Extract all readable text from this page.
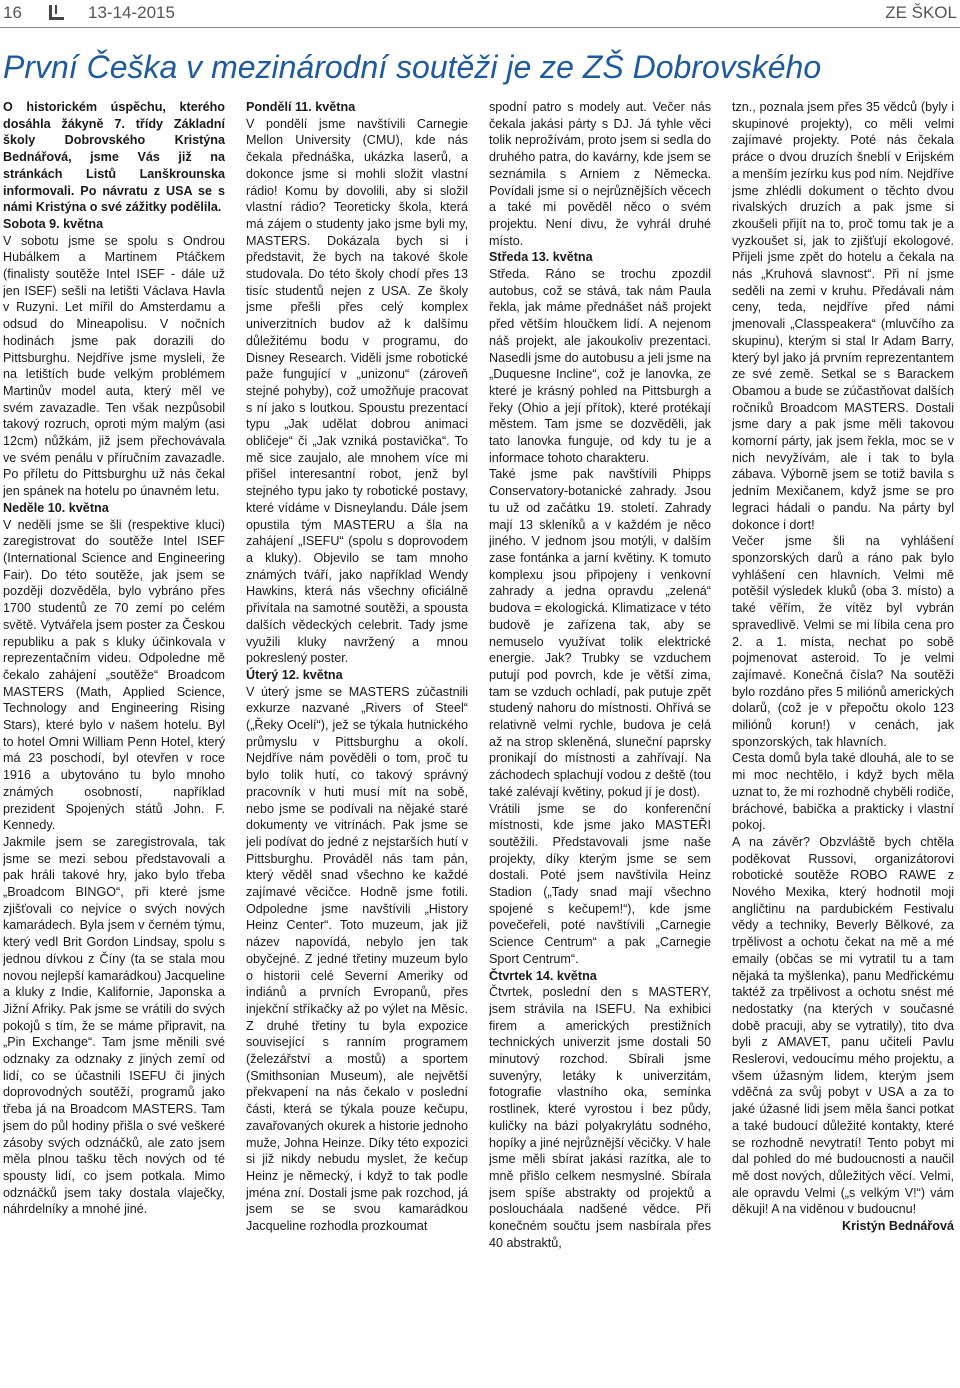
16	13-14-2015	ZE ŠKOL
První Češka v mezinárodní soutěži je ze ZŠ Dobrovského

O historickém úspěchu, kterého dosáhla žákyně 7. třídy Základní školy Dobrovského Kristýna Bednářová, jsme Vás již na stránkách Listů Lanškrounska informovali. Po návratu z USA se s námi Kristýna o své zážitky podělila.

Sobota 9. května

V sobotu jsme se spolu s Ondrou Hubálkem a Martinem Ptáčkem (finalisty soutěže Intel ISEF - dále už jen ISEF) sešli na letišti Václava Havla v Ruzyni. Let mířil do Amsterdamu a odsud do Mineapolisu. V nočních hodinách jsme pak dorazili do Pittsburghu. Nejdříve jsme mysleli, že na letištích bude velkým problémem Martinův model auta, který měl ve svém zavazadle. Ten však nezpůsobil takový rozruch, oproti mým malým (asi 12cm) nůžkám, již jsem přechovávala ve svém penálu v příručním zavazadle. Po příletu do Pittsburghu už nás čekal jen spánek na hotelu po únavném letu.

Neděle 10. května

V neděli jsme se šli (respektive kluci) zaregistrovat do soutěže Intel ISEF (International Science and Engineering Fair). Do této soutěže, jak jsem se později dozvěděla, bylo vybráno přes 1700 studentů ze 70 zemí po celém světě. Vytvářela jsem poster za Českou republiku a pak s kluky účinkovala v reprezentačním videu. Odpoledne mě čekalo zahájení „soutěže“ Broadcom MASTERS (Math, Applied Science, Technology and Engineering Rising Stars), které bylo v našem hotelu. Byl to hotel Omni William Penn Hotel, který má 23 poschodí, byl otevřen v roce 1916 a ubytováno tu bylo mnoho známých osobností, například prezident Spojených států John. F. Kennedy.

Jakmile jsem se zaregistrovala, tak jsme se mezi sebou představovali a pak hráli takové hry, jako bylo třeba „Broadcom BINGO“, při které jsme zjišťovali co nejvíce o svých nových kamarádech. Byla jsem v černém týmu, který vedl Brit Gordon Lindsay, spolu s jednou dívkou z Číny (ta se stala mou novou nejlepší kamarádkou) Jacqueline a kluky z Indie, Kalifornie, Japonska a Jižní Afriky. Pak jsme se vrátili do svých pokojů s tím, že se máme připravit, na „Pin Exchange“. Tam jsme měnili své odznaky za odznaky z jiných zemí od lidí, co se účastnili ISEFU či jiných doprovodných soutěží, programů jako třeba já na Broadcom MASTERS. Tam jsem do půl hodiny přišla o své veškeré zásoby svých odznáčků, ale zato jsem měla plnou tašku těch nových od té spousty lidí, co jsem potkala. Mimo odznáčků jsem taky dostala vlaječky, náhrdelníky a mnohé jiné.

Pondělí 11. května

V pondělí jsme navštívili Carnegie Mellon University (CMU), kde nás čekala přednáška, ukázka laserů, a dokonce jsme si mohli složit vlastní rádio! Komu by dovolili, aby si složil vlastní rádio? Teoreticky škola, která má zájem o studenty jako jsme byli my, MASTERS. Dokázala bych si i představit, že bych na takové škole studovala. Do této školy chodí přes 13 tisíc studentů nejen z USA. Ze školy jsme přešli přes celý komplex univerzitních budov až k dalšímu důležitému bodu v programu, do Disney Research. Viděli jsme robotické paže fungující v „unizonu“ (zároveň stejné pohyby), což umožňuje pracovat s ní jako s loutkou. Spoustu prezentací typu „Jak udělat dobrou animaci obličeje“ či „Jak vzniká postavička“. To mě sice zaujalo, ale mnohem více mi přišel interesantní robot, jenž byl stejného typu jako ty robotické postavy, které vídáme v Disneylandu. Dále jsem opustila tým MASTERU a šla na zahájení „ISEFU“ (spolu s doprovodem a kluky). Objevilo se tam mnoho známých tváří, jako například Wendy Hawkins, která nás všechny oficiálně přivítala na samotné soutěži, a spousta dalších vědeckých celebrit. Tady jsme využili kluky navržený a mnou pokreslený poster.

Úterý 12. května

V úterý jsme se MASTERS zúčastnili exkurze nazvané „Rivers of Steel“ („Řeky Ocelí“), jež se týkala hutnického průmyslu v Pittsburghu a okolí. Nejdříve nám pověděli o tom, proč tu bylo tolik hutí, co takový správný pracovník v huti musí mít na sobě, nebo jsme se podívali na nějaké staré dokumenty ve vitrínách. Pak jsme se jeli podívat do jedné z nejstarších hutí v Pittsburghu. Prováděl nás tam pán, který věděl snad všechno ke každé zajímavé věcičce. Hodně jsme fotili. Odpoledne jsme navštívili „History Heinz Center“. Toto muzeum, jak již název napovídá, nebylo jen tak obyčejné. Z jedné třetiny muzeum bylo o historii celé Severní Ameriky od indiánů a prvních Evropanů, přes injekční stříkačky až po výlet na Měsíc. Z druhé třetiny tu byla expozice související s ranním programem (železářství a mostů) a sportem (Smithsonian Museum), ale největší překvapení na nás čekalo v poslední části, která se týkala pouze kečupu, zavařovaných okurek a historie jednoho muže, Johna Heinze. Díky této expozici si již nikdy nebudu myslet, že kečup Heinz je německý, i když to tak podle jména zní. Dostali jsme pak rozchod, já jsem se se svou kamarádkou Jacqueline rozhodla prozkoumat

spodní patro s modely aut. Večer nás čekala jakási párty s DJ. Já tyhle věci tolik neprožívám, proto jsem si sedla do druhého patra, do kavárny, kde jsem se seznámila s Arniem z Německa. Povídali jsme si o nejrůznějších věcech a také mi pověděl něco o svém projektu. Není divu, že vyhrál druhé místo.

Středa 13. května

Středa. Ráno se trochu zpozdil autobus, což se stává, tak nám Paula řekla, jak máme přednášet náš projekt před větším hloučkem lidí. A nejenom náš projekt, ale jakoukoliv prezentaci. Nasedli jsme do autobusu a jeli jsme na „Duquesne Incline“, což je lanovka, ze které je krásný pohled na Pittsburgh a řeky (Ohio a její přítok), které protékají městem. Tam jsme se dozvěděli, jak tato lanovka funguje, od kdy tu je a informace tohoto charakteru.

Také jsme pak navštívili Phipps Conservatory-botanické zahrady. Jsou tu už od začátku 19. století. Zahrady mají 13 skleníků a v každém je něco jiného. V jednom jsou motýli, v dalším zase fontánka a jarní květiny. K tomuto komplexu jsou připojeny i venkovní zahrady a jedna opravdu „zelená“ budova = ekologická. Klimatizace v této budově je zařízena tak, aby se nemuselo využívat tolik elektrické energie. Jak? Trubky se vzduchem putují pod povrch, kde je větší zima, tam se vzduch ochladí, pak putuje zpět studený nahoru do místnosti. Ohřívá se relativně velmi rychle, budova je celá až na strop skleněná, sluneční paprsky pronikají do místnosti a zahřívají. Na záchodech splachují vodou z deště (tou také zalévají květiny, pokud jí je dost).

Vrátili jsme se do konferenční místnosti, kde jsme jako MASTEŘI soutěžili. Představovali jsme naše projekty, díky kterým jsme se sem dostali. Poté jsem navštívila Heinz Stadion („Tady snad mají všechno spojené s kečupem!“), kde jsme povečeřeli, poté navštívili „Carnegie Science Centrum“ a pak „Carnegie Sport Centrum“.

Čtvrtek 14. května

Čtvrtek, poslední den s MASTERY, jsem strávila na ISEFU. Na exhibici firem a amerických prestižních technických univerzit jsme dostali 50 minutový rozchod. Sbírali jsme suvenýry, letáky k univerzitám, fotografie vlastního oka, semínka rostlinek, které vyrostou i bez půdy, kuličky na bázi polyakrylátu sodného, hopíky a jiné nejrůznější věcičky. V hale jsme měli sbírat jakási razítka, ale to mně přišlo celkem nesmyslné. Sbírala jsem spíše abstrakty od projektů a posloucháala nadšené vědce. Při konečném součtu jsem nasbírala přes 40 abstraktů,

tzn., poznala jsem přes 35 vědců (byly i skupinové projekty), co měli velmi zajímavé projekty. Poté nás čekala práce o dvou druzích šneblí v Erijském a menším jezírku kus pod ním. Nejdříve jsme zhlédli dokument o těchto dvou rivalských druzích a pak jsme si zkoušeli přijít na to, proč tomu tak je a vyzkoušet si, jak to zjišťují ekologové. Přijeli jsme zpět do hotelu a čekala na nás „Kruhová slavnost“. Při ní jsme seděli na zemi v kruhu. Předávali nám ceny, teda, nejdříve před námi jmenovali „Classpeakera“ (mluvčího za skupinu), kterým si stal Ir Adam Barry, který byl jako já prvním reprezentantem ze své země. Setkal se s Barackem Obamou a bude se zúčastňovat dalších ročníků Broadcom MASTERS. Dostali jsme dary a pak jsme měli takovou komorní párty, jak jsem řekla, moc se v nich nevyžívám, ale i tak to byla zábava. Výborně jsem se totiž bavila s jedním Mexičanem, když jsme se pro legraci hádali o pandu. Na párty byl dokonce i dort!

Večer jsme šli na vyhlášení sponzorských darů a ráno pak bylo vyhlášení cen hlavních. Velmi mě potěšil výsledek kluků (oba 3. místo) a také věřím, že vítěz byl vybrán spravedlivě. Velmi se mi líbila cena pro 2. a 1. místa, nechat po sobě pojmenovat asteroid. To je velmi zajímavé. Konečná čísla? Na soutěži bylo rozdáno přes 5 miliónů amerických dolarů, (což je v přepočtu okolo 123 miliónů korun!) v cenách, jak sponzorských, tak hlavních.

Cesta domů byla také dlouhá, ale to se mi moc nechtělo, i když bych měla uznat to, že mi rozhodně chyběli rodiče, bráchové, babička a prakticky i vlastní pokoj.

A na závěr? Obzvláště bych chtěla poděkovat Russovi, organizátorovi robotické soutěže ROBO RAWE z Nového Mexika, který hodnotil moji angličtinu na pardubickém Festivalu vědy a techniky, Beverly Bělkové, za trpělivost a ochotu čekat na mě a mé emaily (občas se mi vytratil tu a tam nějaká ta myšlenka), panu Medřickému taktéž za trpělivost a ochotu snést mé nedostatky (na kterých v současné době pracuji, aby se vytratily), tito dva byli z AMAVET, panu učiteli Pavlu Reslerovi, vedoucímu mého projektu, a všem úžasným lidem, kterým jsem vděčná za svůj pobyt v USA a za to jaké úžasné lidi jsem měla šanci potkat a také budoucí důležité kontakty, které se rozhodně nevytratí! Tento pobyt mi dal pohled do mé budoucnosti a naučil mě dost nových, důležitých věcí. Velmi, ale opravdu Velmi („s velkým V!“) vám děkuji! A na viděnou v budoucnu!

Kristýn Bednářová
